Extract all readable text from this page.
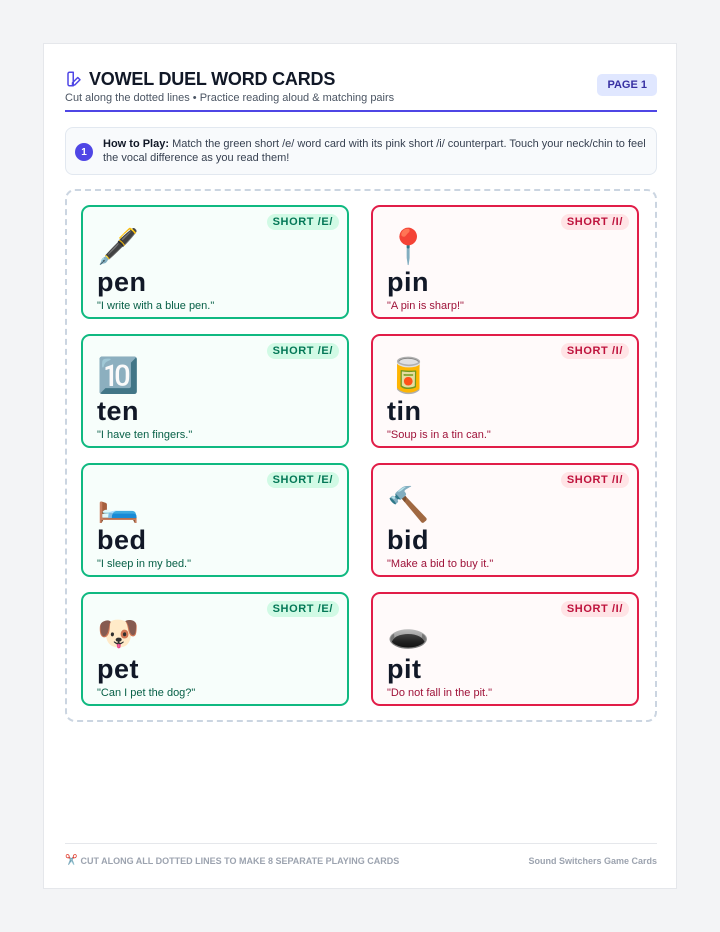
VOWEL DUEL WORD CARDS
Cut along the dotted lines • Practice reading aloud & matching pairs
PAGE 1
1

How to Play: Match the green short /e/ word card with its pink short /i/ counterpart. Touch your neck/chin to feel the vocal difference as you read them!

SHORT /E/
🖋️
pen
"I write with a blue pen."
SHORT /I/
📍
pin
"A pin is sharp!"
SHORT /E/
🔟
ten
"I have ten fingers."
SHORT /I/
🥫
tin
"Soup is in a tin can."
SHORT /E/
🛏️
bed
"I sleep in my bed."
SHORT /I/
🔨
bid
"Make a bid to buy it."
SHORT /E/
🐶
pet
"Can I pet the dog?"
SHORT /I/
🕳️
pit
"Do not fall in the pit."
✂️ CUT ALONG ALL DOTTED LINES TO MAKE 8 SEPARATE PLAYING CARDS	Sound Switchers Game Cards
